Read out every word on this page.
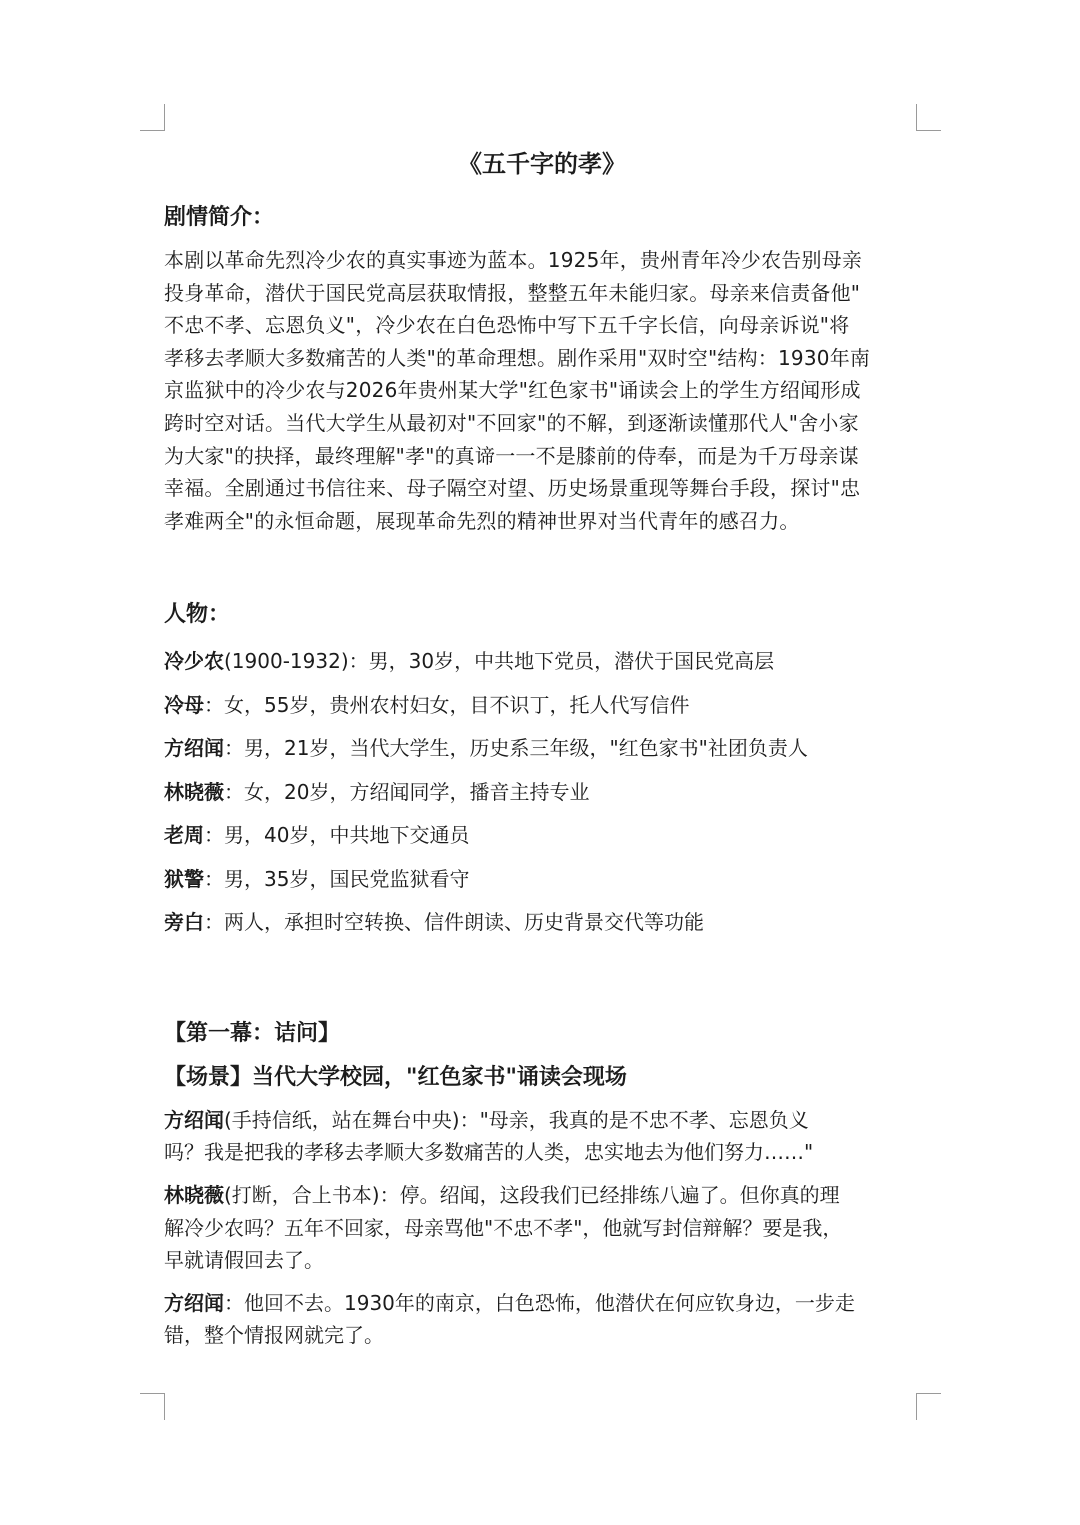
《五千字的孝》
剧情简介：
本剧以革命先烈冷少农的真实事迹为蓝本。1925年，贵州青年冷少农告别母亲
投身革命，潜伏于国民党高层获取情报，整整五年未能归家。母亲来信责备他"
不忠不孝、忘恩负义"，冷少农在白色恐怖中写下五千字长信，向母亲诉说"将
孝移去孝顺大多数痛苦的人类"的革命理想。剧作采用"双时空"结构：1930年南
京监狱中的冷少农与2026年贵州某大学"红色家书"诵读会上的学生方绍闻形成
跨时空对话。当代大学生从最初对"不回家"的不解，到逐渐读懂那代人"舍小家
为大家"的抉择，最终理解"孝"的真谛一一不是膝前的侍奉，而是为千万母亲谋
幸福。全剧通过书信往来、母子隔空对望、历史场景重现等舞台手段，探讨"忠
孝难两全"的永恒命题，展现革命先烈的精神世界对当代青年的感召力。
人物：
冷少农(1900-1932)：男，30岁，中共地下党员，潜伏于国民党高层
冷母：女，55岁，贵州农村妇女，目不识丁，托人代写信件
方绍闻：男，21岁，当代大学生，历史系三年级，"红色家书"社团负责人
林晓薇：女，20岁，方绍闻同学，播音主持专业
老周：男，40岁，中共地下交通员
狱警：男，35岁，国民党监狱看守
旁白：两人，承担时空转换、信件朗读、历史背景交代等功能
【第一幕：诘问】
【场景】当代大学校园，"红色家书"诵读会现场
方绍闻(手持信纸，站在舞台中央)："母亲，我真的是不忠不孝、忘恩负义
吗？我是把我的孝移去孝顺大多数痛苦的人类，忠实地去为他们努力……"
林晓薇(打断，合上书本)：停。绍闻，这段我们已经排练八遍了。但你真的理
解冷少农吗？五年不回家，母亲骂他"不忠不孝"，他就写封信辩解？要是我，
早就请假回去了。
方绍闻：他回不去。1930年的南京，白色恐怖，他潜伏在何应钦身边，一步走
错，整个情报网就完了。
